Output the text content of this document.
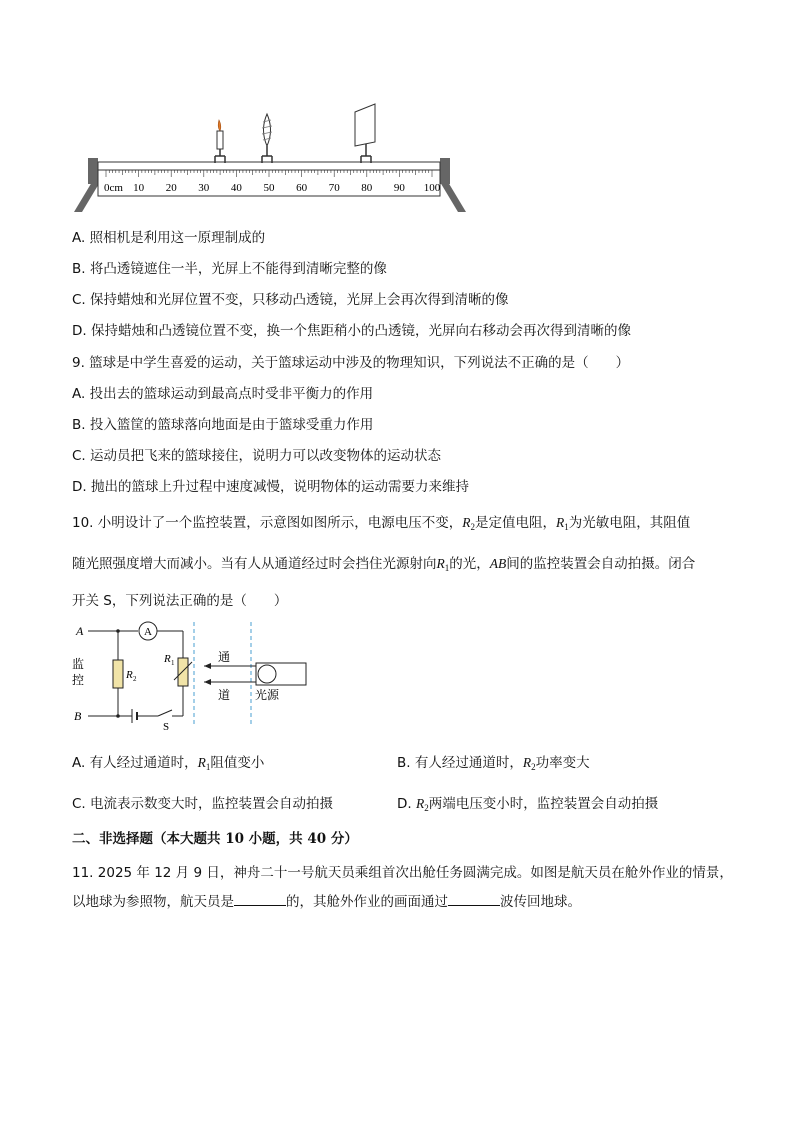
0cm 10 20 30 40 50 60 70 80 90 100
A. 照相机是利用这一原理制成的
B. 将凸透镜遮住一半，光屏上不能得到清晰完整的像
C. 保持蜡烛和光屏位置不变，只移动凸透镜，光屏上会再次得到清晰的像
D. 保持蜡烛和凸透镜位置不变，换一个焦距稍小的凸透镜，光屏向右移动会再次得到清晰的像
9. 篮球是中学生喜爱的运动，关于篮球运动中涉及的物理知识，下列说法不正确的是（　　）
A. 投出去的篮球运动到最高点时受非平衡力的作用
B. 投入篮筐的篮球落向地面是由于篮球受重力作用
C. 运动员把飞来的篮球接住，说明力可以改变物体的运动状态
D. 抛出的篮球上升过程中速度减慢，说明物体的运动需要力来维持
10. 小明设计了一个监控装置，示意图如图所示，电源电压不变，$R_2$是定值电阻，$R_1$为光敏电阻，其阻值
随光照强度增大而减小。当有人从通道经过时会挡住光源射向$R_1$的光，AB间的监控装置会自动拍摄。闭合
开关 S，下列说法正确的是（　　）
A	A
R 1
R 2
B
S
监
控
通
道 光源
A. 有人经过通道时，$R_1$阻值变小	B. 有人经过通道时，$R_2$功率变大
C. 电流表示数变大时，监控装置会自动拍摄	D. $R_2$两端电压变小时，监控装置会自动拍摄
二、非选择题（本大题共 10 小题，共 40 分）
11. 2025 年 12 月 9 日，神舟二十一号航天员乘组首次出舱任务圆满完成。如图是航天员在舱外作业的情景，
以地球为参照物，航天员是	的，其舱外作业的画面通过	波传回地球。
